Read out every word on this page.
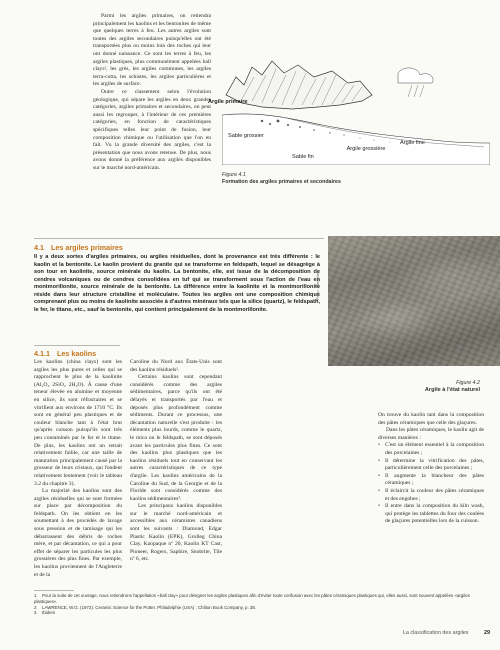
Parmi les argiles primaires, on retiendra principalement les kaolins et les bentonites de même que quelques terres à feu. Les autres argiles sont toutes des argiles secondaires puisqu'elles ont été transportées plus ou moins loin des roches qui leur ont donné naissance. Ce sont les terres à feu, les argiles plastiques, plus communément appelées ball clays¹, les grès, les argiles communes, les argiles terra-cotta, les schistes, les argiles particulières et les argiles de surface.

Outre ce classement selon l'évolution géologique, qui sépare les argiles en deux grandes catégories, argiles primaires et secondaires, on peut aussi les regrouper, à l'intérieur de ces premières catégories, en fonction de caractéristiques spécifiques telles leur point de fusion, leur composition chimique ou l'utilisation que l'on en fait. Vu la grande diversité des argiles, c'est la présentation que nous avons retenue. De plus, nous avons donné la préférence aux argiles disponibles sur le marché nord-américain.

Argile primaire
Sable grossier
Sable fin
Argile grossière
Argile fine
Figure 4.1
Formation des argiles primaires et secondaires
4.1 Les argiles primaires
Il y a deux sortes d'argiles primaires, ou argiles résiduelles, dont la provenance est très différente : le kaolin et la bentonite. Le kaolin provient du granite qui se transforme en feldspath, lequel se désagrège à son tour en kaolinite, source minérale du kaolin. La bentonite, elle, est issue de la décomposition de cendres volcaniques ou de cendres consolidées en tuf qui se transforment sous l'action de l'eau en montmorillonite, source minérale de la bentonite. La différence entre la kaolinite et la montmorillonite réside dans leur structure cristalline et moléculaire. Toutes les argiles ont une composition chimique comprenant plus ou moins de kaolinite associée à d'autres minéraux tels que la silice (quartz), le feldspath, le fer, le titane, etc., sauf la bentonite, qui contient principalement de la montmorillonite.
Photo : Carla Vara
Figure 4.2
Argile à l'état naturel
4.1.1 Les kaolins

Les kaolins (china clays) sont les argiles les plus pures et celles qui se rapprochent le plus de la kaolinite (Al₂O₃ 2SiO₂ 2H₂O). À cause d'une teneur élevée en alumine et moyenne en silice, ils sont réfractaires et se vitrifient aux environs de 1710 °C. Ils sont en général peu plastiques et de couleur blanche tant à l'état brut qu'après cuisson puisqu'ils sont très peu contaminés par le fer et le titane. De plus, les kaolins ont un retrait relativement faible, car une taille de maturation principalement causé par la grosseur de leurs cristaux, qui fondent relativement lentement (voir le tableau 3.2 du chapitre 3).

La majorité des kaolins sont des argiles résiduelles qui se sont formées sur place par décomposition du feldspath. On les obtient en les soumettant à des procédés de lavage sous pression et de tamisage qui les débarrassent des débris de roches mère, et par décantation, ce qui a pour effet de séparer les particules les plus grossières des plus fines. Par exemple, les kaolins proviennent de l'Angleterre et de la

Caroline du Nord aux États-Unis sont des kaolins résiduels².

Certains kaolins sont cependant considérés comme des argiles sédimentaires, parce qu'ils ont été délayés et transportés par l'eau et déposés plus profondément comme sédiments. Durant ce processus, une décantation naturelle s'est produite : les éléments plus lourds, comme le quartz, le mica ou le feldspath, se sont déposés avant les particules plus fines. Ce sont des kaolins plus plastiques que les kaolins résiduels tout en conservant les autres caractéristiques de ce type d'argile. Les kaolins américains de la Caroline du Sud, de la Georgie et de la Floride sont considérés comme des kaolins sédimentaires³.

Les principaux kaolins disponibles sur le marché nord-américain et accessibles aux céramistes canadiens sont les suivants : Diamond, Edgar Plastic Kaolin (EPK), Grolleg China Clay, Kaopaque nº 20, Kaolin KT Cast, Pioneer, Rogers, Saphire, Snobrite, Tile nº 6, etc.

On trouve du kaolin tant dans la composition des pâtes céramiques que celle des glaçures.

Dans les pâtes céramiques, le kaolin agit de diverses manières :

• C'est un élément essentiel à la composition des porcelaines ;
• Il détermine la vitrification des pâtes, particulièrement celle des porcelaines ;
• Il augmente la blancheur des pâtes céramiques ;
• Il éclaircit la couleur des pâtes céramiques et des engobes ;
• Il entre dans la composition du kiln wash, qui protège les tablettes du four des coulées de glaçures potentielles lors de la cuisson.
1 Pour la suite de cet ouvrage, nous retiendrons l'appellation «ball clay» pour désigner les argiles plastiques afin d'éviter toute confusion avec les pâtes céramiques plastiques qui, elles aussi, sont souvent appelées «argiles plastiques».
2 LAWRENCE, W.G. (1972). Ceramic Science for the Potter. Philadelphie (USA) : Chilton Book Company, p. 38.
3 Ibidem
La classification des argiles	29
